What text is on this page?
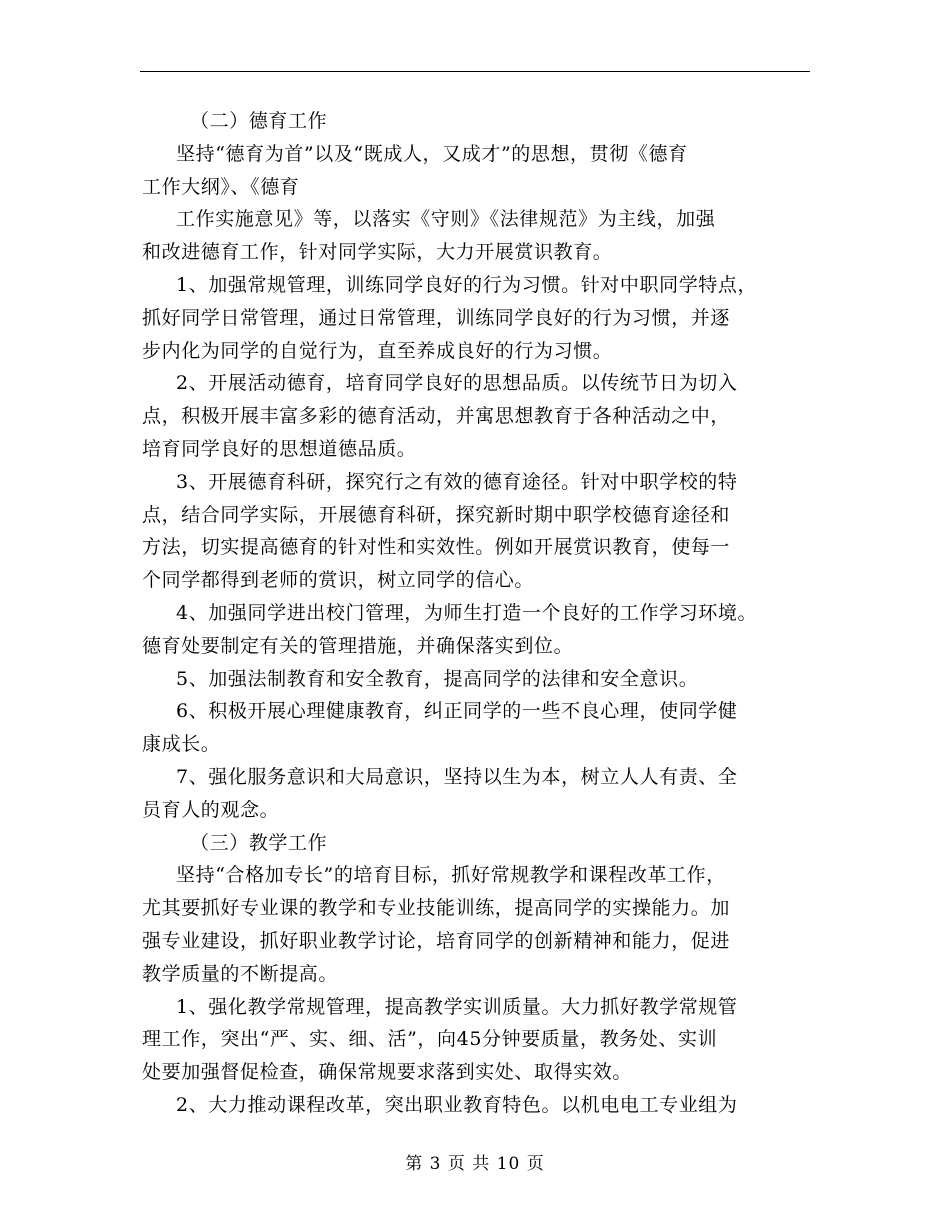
（二）德育工作
坚持“德育为首”以及“既成人，又成才”的思想，贯彻《德育
工作大纲》、《德育
工作实施意见》等，以落实《守则》《法律规范》为主线，加强
和改进德育工作，针对同学实际，大力开展赏识教育。
1、加强常规管理，训练同学良好的行为习惯。针对中职同学特点，
抓好同学日常管理，通过日常管理，训练同学良好的行为习惯，并逐
步内化为同学的自觉行为，直至养成良好的行为习惯。
2、开展活动德育，培育同学良好的思想品质。以传统节日为切入
点，积极开展丰富多彩的德育活动，并寓思想教育于各种活动之中，
培育同学良好的思想道德品质。
3、开展德育科研，探究行之有效的德育途径。针对中职学校的特
点，结合同学实际，开展德育科研，探究新时期中职学校德育途径和
方法，切实提高德育的针对性和实效性。例如开展赏识教育，使每一
个同学都得到老师的赏识，树立同学的信心。
4、加强同学进出校门管理，为师生打造一个良好的工作学习环境。
德育处要制定有关的管理措施，并确保落实到位。
5、加强法制教育和安全教育，提高同学的法律和安全意识。
6、积极开展心理健康教育，纠正同学的一些不良心理，使同学健
康成长。
7、强化服务意识和大局意识，坚持以生为本，树立人人有责、全
员育人的观念。
（三）教学工作
坚持“合格加专长”的培育目标，抓好常规教学和课程改革工作，
尤其要抓好专业课的教学和专业技能训练，提高同学的实操能力。加
强专业建设，抓好职业教学讨论，培育同学的创新精神和能力，促进
教学质量的不断提高。
1、强化教学常规管理，提高教学实训质量。大力抓好教学常规管
理工作，突出“严、实、细、活”，向45分钟要质量，教务处、实训
处要加强督促检查，确保常规要求落到实处、取得实效。
2、大力推动课程改革，突出职业教育特色。以机电电工专业组为
第 3 页 共 10 页
